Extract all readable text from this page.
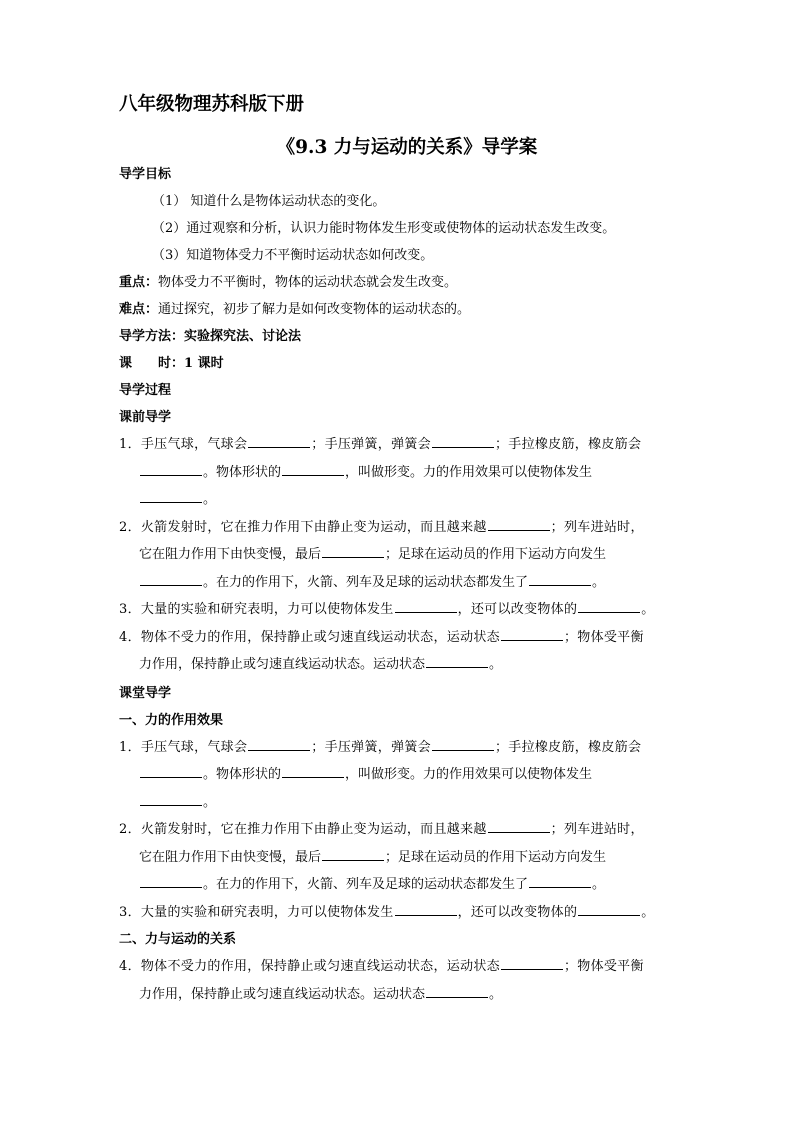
八年级物理苏科版下册
《9.3 力与运动的关系》导学案
导学目标
（1） 知道什么是物体运动状态的变化。
（2）通过观察和分析，认识力能时物体发生形变或使物体的运动状态发生改变。
（3）知道物体受力不平衡时运动状态如何改变。
重点：物体受力不平衡时，物体的运动状态就会发生改变。
难点：通过探究，初步了解力是如何改变物体的运动状态的。
导学方法：实验探究法、讨论法
课　　时：1 课时
导学过程
课前导学
1．手压气球，气球会	；手压弹簧，弹簧会	；手拉橡皮筋，橡皮筋会
。物体形状的	，叫做形变。力的作用效果可以使物体发生
。
2．火箭发射时，它在推力作用下由静止变为运动，而且越来越	；列车进站时，
它在阻力作用下由快变慢，最后	；足球在运动员的作用下运动方向发生
。在力的作用下，火箭、列车及足球的运动状态都发生了	。
3．大量的实验和研究表明，力可以使物体发生	，还可以改变物体的	。
4．物体不受力的作用，保持静止或匀速直线运动状态，运动状态	；物体受平衡
力作用，保持静止或匀速直线运动状态。运动状态	。
课堂导学
一、力的作用效果
1．手压气球，气球会	；手压弹簧，弹簧会	；手拉橡皮筋，橡皮筋会
。物体形状的	，叫做形变。力的作用效果可以使物体发生
。
2．火箭发射时，它在推力作用下由静止变为运动，而且越来越	；列车进站时，
它在阻力作用下由快变慢，最后	；足球在运动员的作用下运动方向发生
。在力的作用下，火箭、列车及足球的运动状态都发生了	。
3．大量的实验和研究表明，力可以使物体发生	，还可以改变物体的	。
二、力与运动的关系
4．物体不受力的作用，保持静止或匀速直线运动状态，运动状态	；物体受平衡
力作用，保持静止或匀速直线运动状态。运动状态	。
